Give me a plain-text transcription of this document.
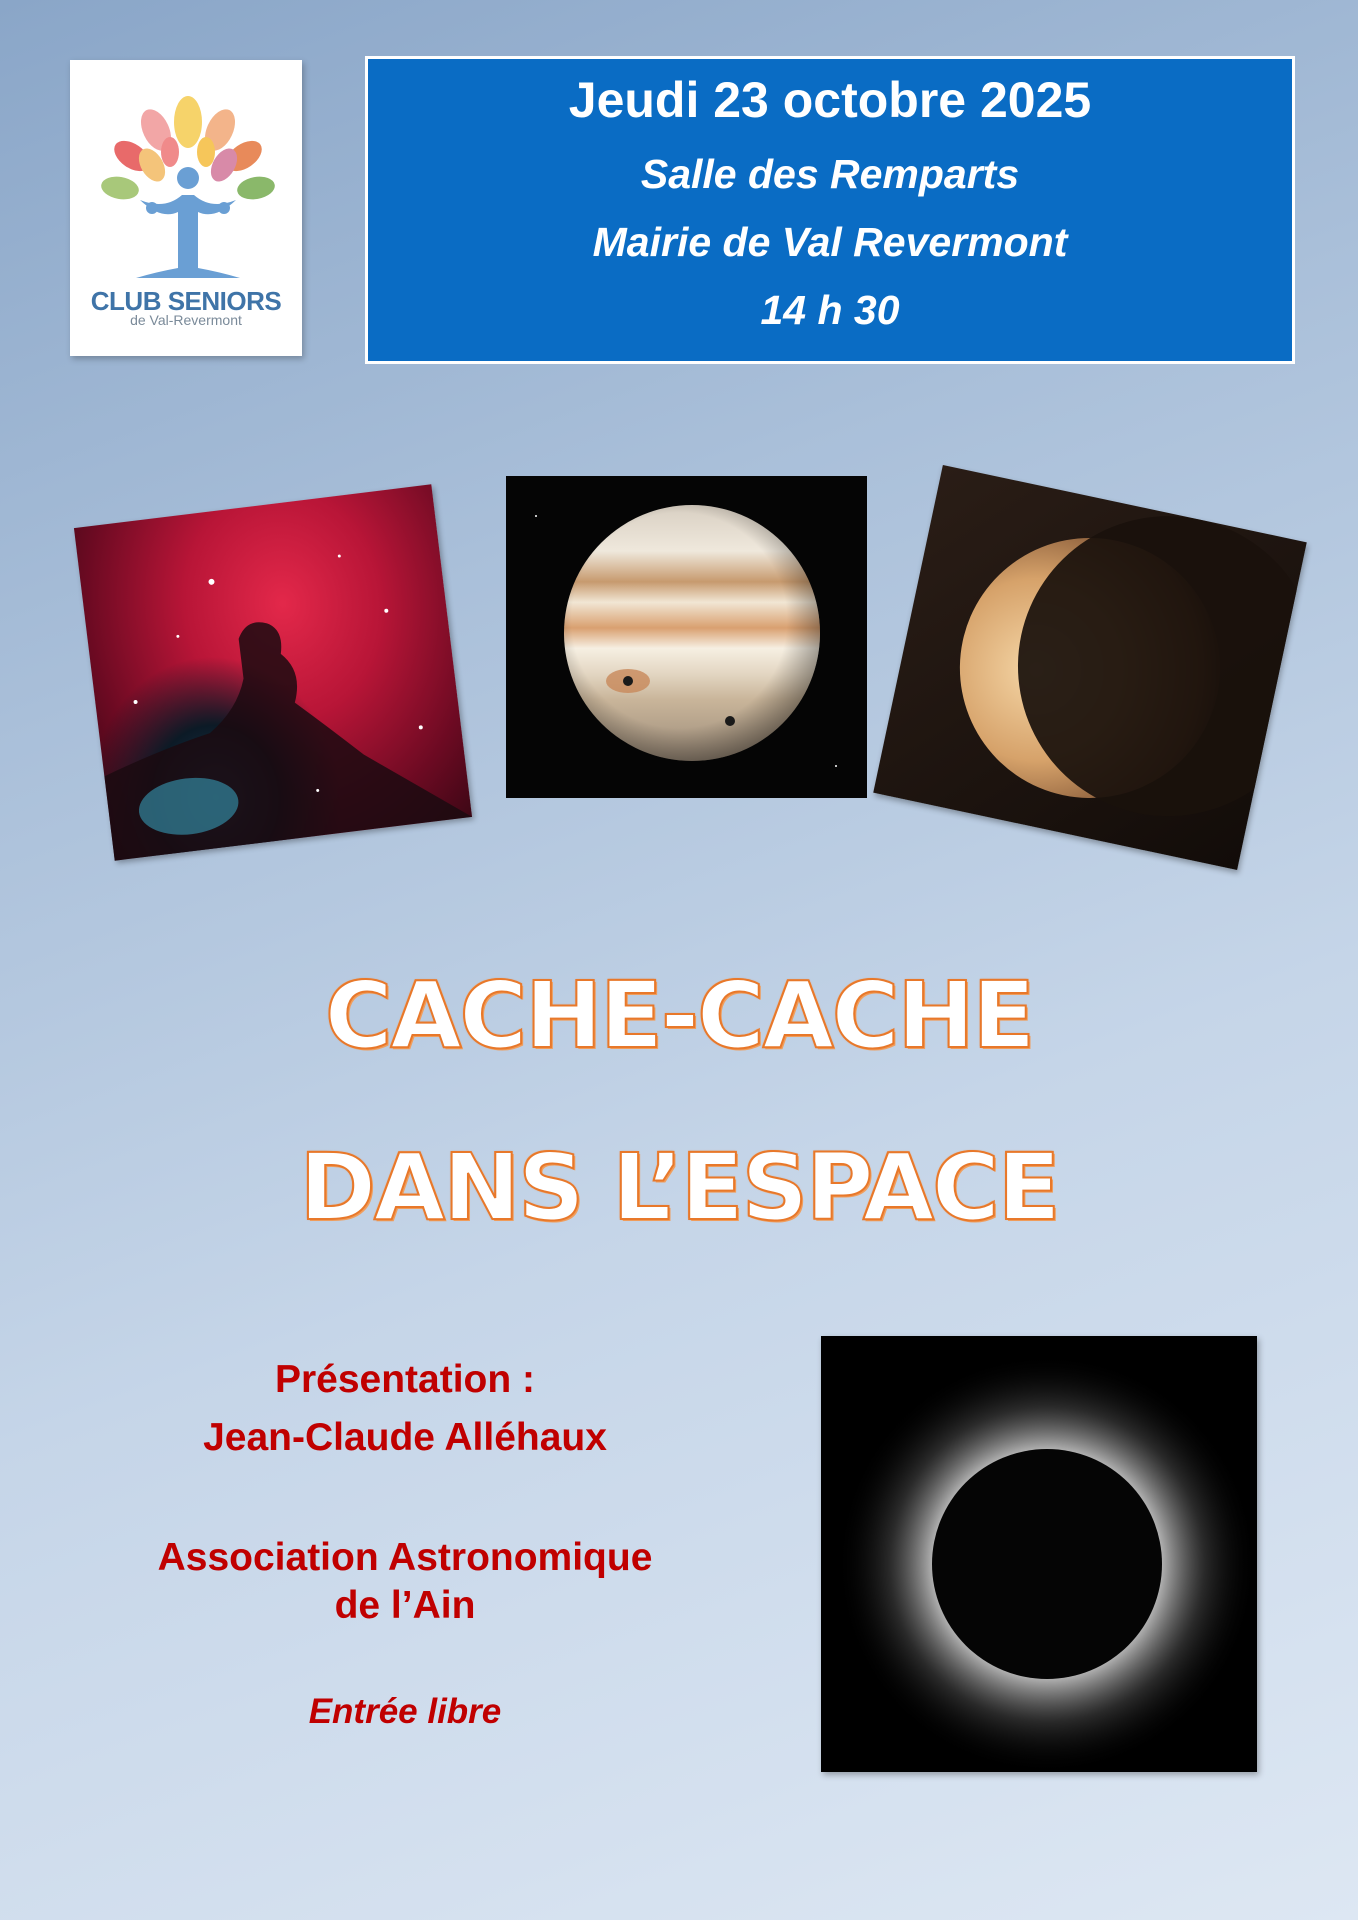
CLUB SENIORS
de Val-Revermont
Jeudi 23 octobre 2025
Salle des Remparts
Mairie de Val Revermont
14 h 30
CACHE-CACHE
DANS L’ESPACE
Présentation :
Jean-Claude Alléhaux
Association Astronomique
de l’Ain
Entrée libre
